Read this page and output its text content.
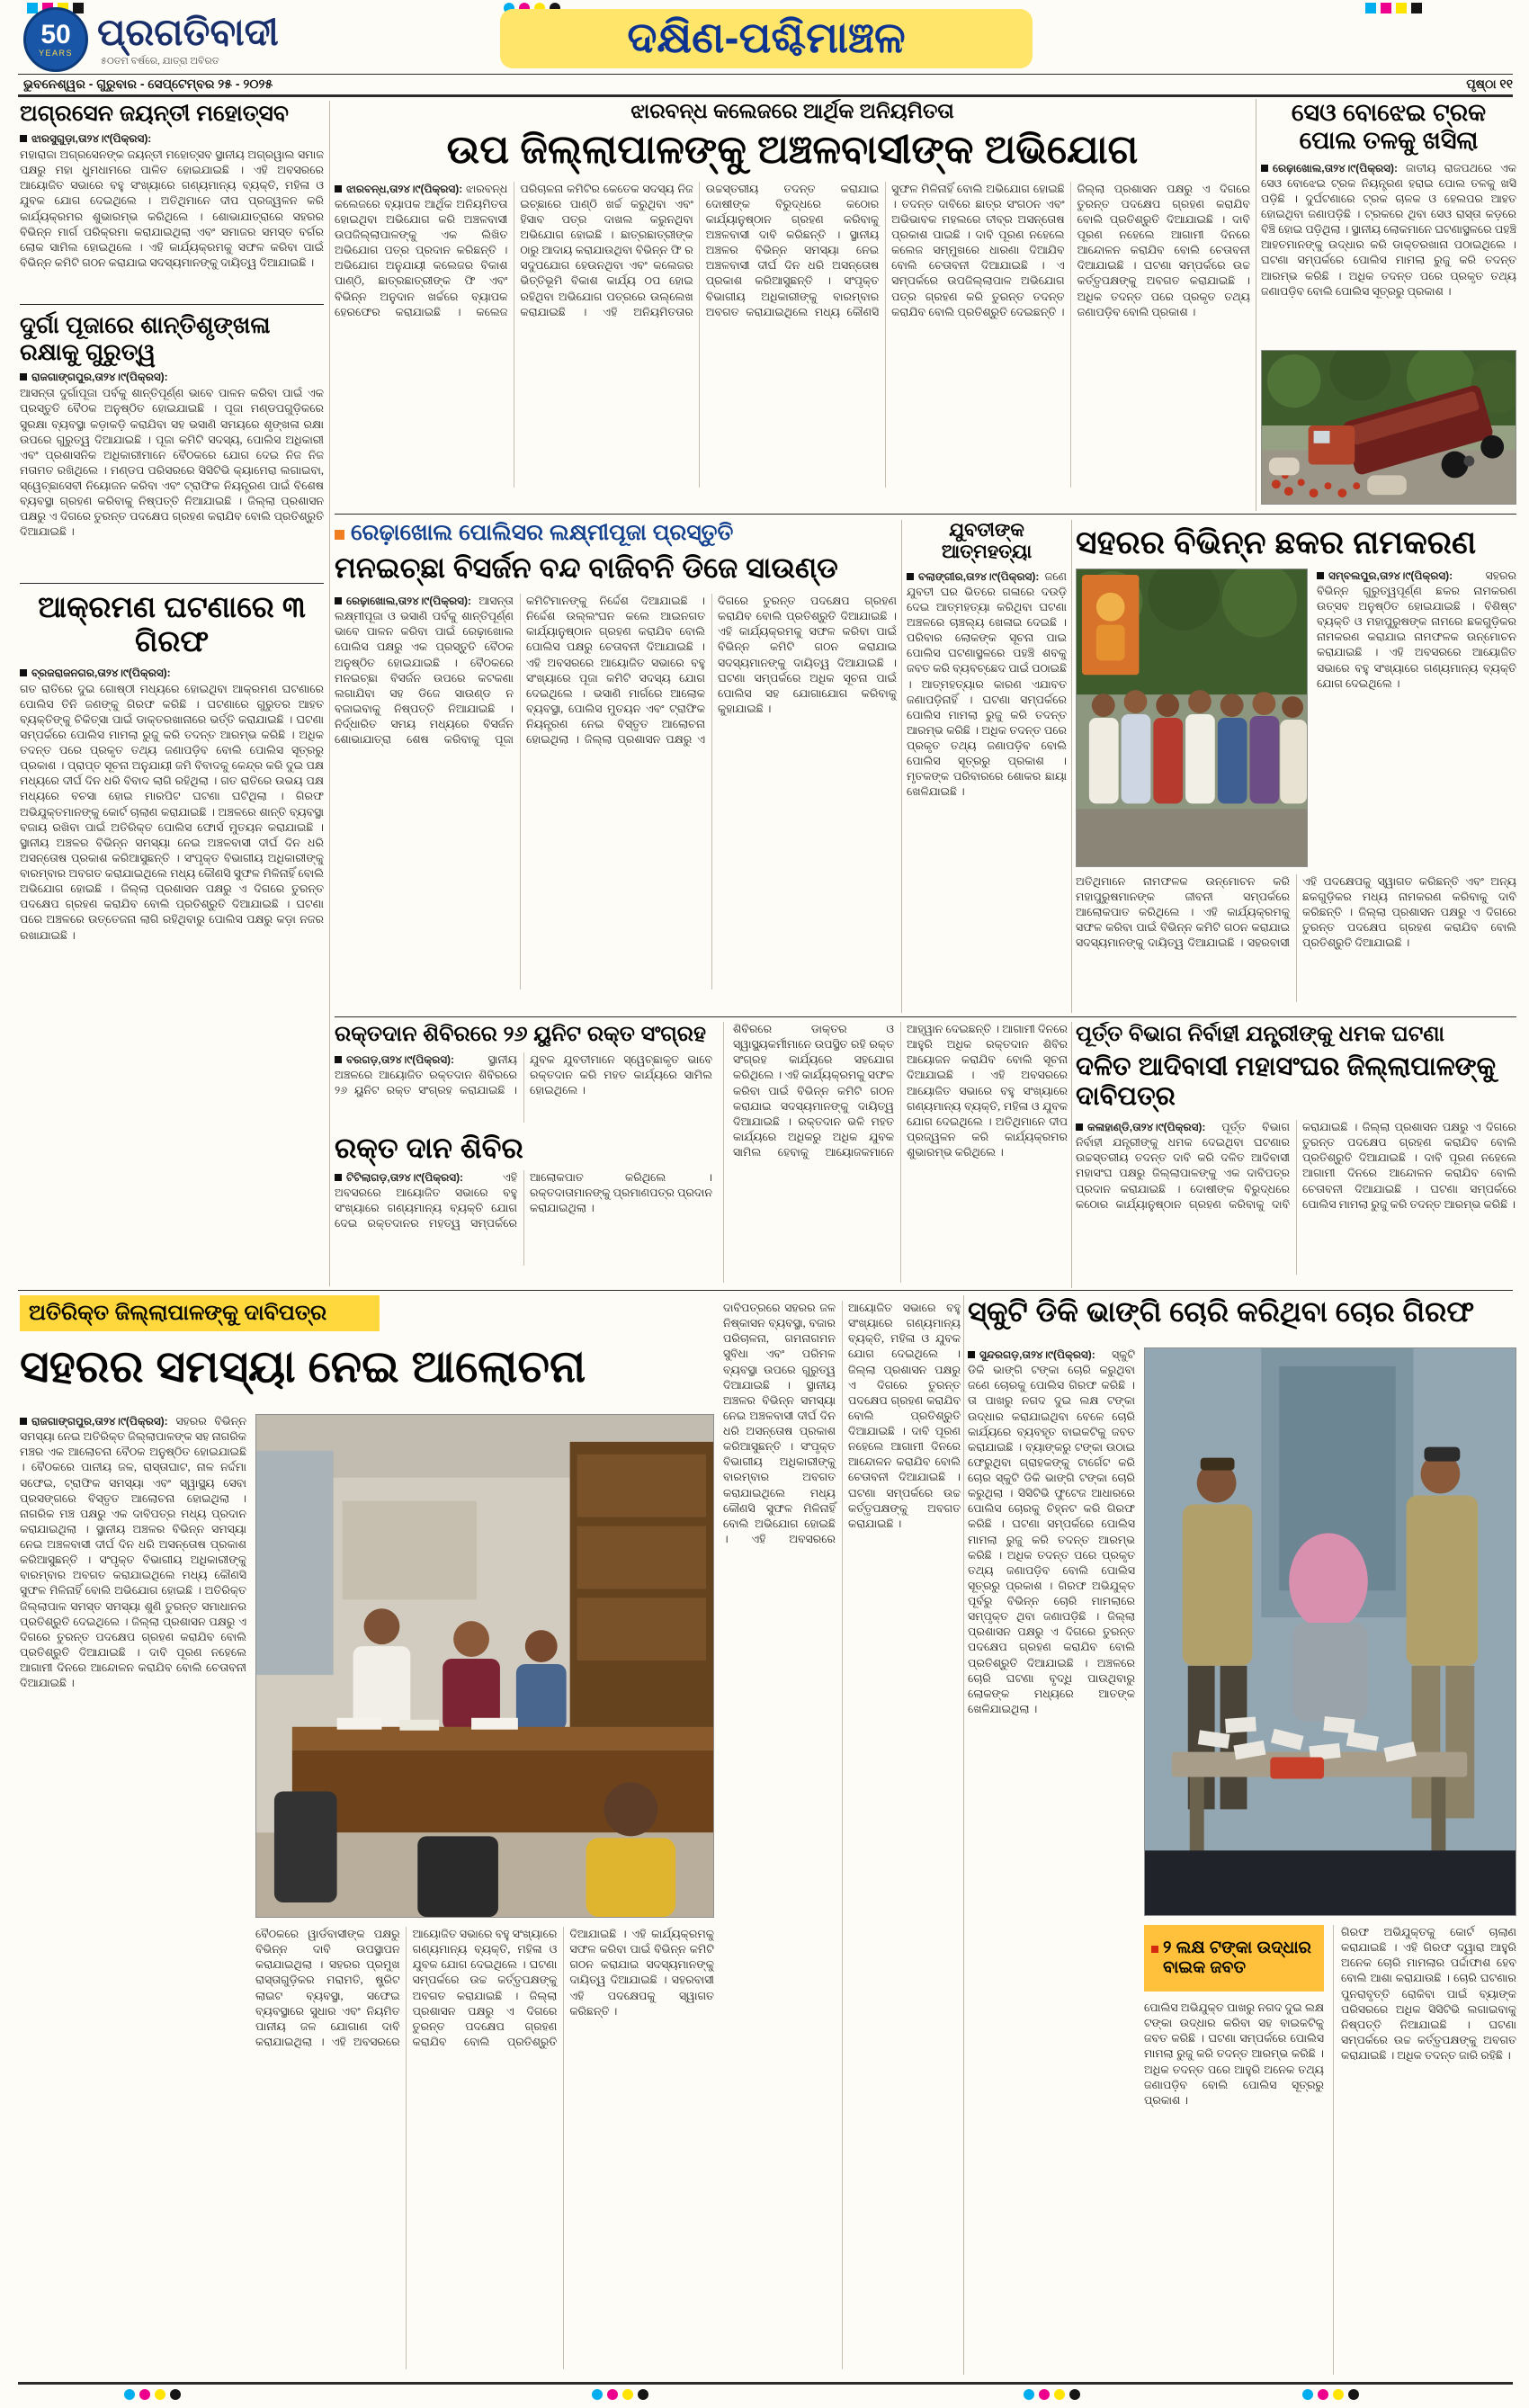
50
YEARS ପ୍ରଗତିବାଦୀ
୫୦ତମ ବର୍ଷରେ, ଯାତ୍ରା ଅବିରତ	ଦକ୍ଷିଣ-ପଶ୍ଚିମାଞ୍ଚଳ
ଭୁବନେଶ୍ୱର - ଗୁରୁବାର - ସେପ୍ଟେମ୍ବର ୨୫ - ୨୦୨୫	ପୃଷ୍ଠା ୧୧
ଅଗ୍ରସେନ ଜୟନ୍ତୀ ମହୋତ୍ସବ
ଝାରସୁଗୁଡ଼ା,ତା୨୪।୯(ପିକ୍ରସ):
ମହାରାଜା ଅଗ୍ରସେନଙ୍କ ଜୟନ୍ତୀ ମହୋତ୍ସବ ସ୍ଥାନୀୟ ଅଗ୍ରୱାଲ ସମାଜ ପକ୍ଷରୁ ମହା ଧୁମଧାମରେ ପାଳିତ ହୋଇଯାଇଛି । ଏହି ଅବସରରେ ଆୟୋଜିତ ସଭାରେ ବହୁ ସଂଖ୍ୟାରେ ଗଣ୍ୟମାନ୍ୟ ବ୍ୟକ୍ତି, ମହିଳା ଓ ଯୁବକ ଯୋଗ ଦେଇଥିଲେ । ଅତିଥିମାନେ ଦୀପ ପ୍ରଜ୍ୱଳନ କରି କାର୍ଯ୍ୟକ୍ରମର ଶୁଭାରମ୍ଭ କରିଥିଲେ । ଶୋଭାଯାତ୍ରାରେ ସହରର ବିଭିନ୍ନ ମାର୍ଗ ପରିକ୍ରମା କରାଯାଇଥିଲା ଏବଂ ସମାଜର ସମସ୍ତ ବର୍ଗର ଲୋକ ସାମିଲ ହୋଇଥିଲେ । ଏହି କାର୍ଯ୍ୟକ୍ରମକୁ ସଫଳ କରିବା ପାଇଁ ବିଭିନ୍ନ କମିଟି ଗଠନ କରାଯାଇ ସଦସ୍ୟମାନଙ୍କୁ ଦାୟିତ୍ୱ ଦିଆଯାଇଛି ।
ଦୁର୍ଗା ପୂଜାରେ ଶାନ୍ତିଶୃଙ୍ଖଳା ରକ୍ଷାକୁ ଗୁରୁତ୍ୱ
ରାଜଗାଙ୍ଗପୁର,ତା୨୪।୯(ପିକ୍ରସ):
ଆସନ୍ତା ଦୁର୍ଗାପୂଜା ପର୍ବକୁ ଶାନ୍ତିପୂର୍ଣ୍ଣ ଭାବେ ପାଳନ କରିବା ପାଇଁ ଏକ ପ୍ରସ୍ତୁତି ବୈଠକ ଅନୁଷ୍ଠିତ ହୋଇଯାଇଛି । ପୂଜା ମଣ୍ଡପଗୁଡ଼ିକରେ ସୁରକ୍ଷା ବ୍ୟବସ୍ଥା କଡ଼ାକଡ଼ି କରାଯିବା ସହ ଭସାଣି ସମୟରେ ଶୃଙ୍ଖଳା ରକ୍ଷା ଉପରେ ଗୁରୁତ୍ୱ ଦିଆଯାଇଛି । ପୂଜା କମିଟି ସଦସ୍ୟ, ପୋଲିସ ଅଧିକାରୀ ଏବଂ ପ୍ରଶାସନିକ ଅଧିକାରୀମାନେ ବୈଠକରେ ଯୋଗ ଦେଇ ନିଜ ନିଜ ମତାମତ ରଖିଥିଲେ । ମଣ୍ଡପ ପରିସରରେ ସିସିଟିଭି କ୍ୟାମେରା ଲଗାଇବା, ସ୍ୱେଚ୍ଛାସେବୀ ନିୟୋଜନ କରିବା ଏବଂ ଟ୍ରାଫିକ ନିୟନ୍ତ୍ରଣ ପାଇଁ ବିଶେଷ ବ୍ୟବସ୍ଥା ଗ୍ରହଣ କରିବାକୁ ନିଷ୍ପତ୍ତି ନିଆଯାଇଛି । ଜିଲ୍ଲା ପ୍ରଶାସନ ପକ୍ଷରୁ ଏ ଦିଗରେ ତୁରନ୍ତ ପଦକ୍ଷେପ ଗ୍ରହଣ କରାଯିବ ବୋଲି ପ୍ରତିଶ୍ରୁତି ଦିଆଯାଇଛି ।
ଆକ୍ରମଣ ଘଟଣାରେ ୩ ଗିରଫ
ବ୍ରଜରାଜନଗର,ତା୨୪।୯(ପିକ୍ରସ):
ଗତ ରାତିରେ ଦୁଇ ଗୋଷ୍ଠୀ ମଧ୍ୟରେ ହୋଇଥିବା ଆକ୍ରମଣ ଘଟଣାରେ ପୋଲିସ ତିନି ଜଣଙ୍କୁ ଗିରଫ କରିଛି । ଘଟଣାରେ ଗୁରୁତର ଆହତ ବ୍ୟକ୍ତିଙ୍କୁ ଚିକିତ୍ସା ପାଇଁ ଡାକ୍ତରଖାନାରେ ଭର୍ତ୍ତି କରାଯାଇଛି । ଘଟଣା ସମ୍ପର୍କରେ ପୋଲିସ ମାମଲା ରୁଜୁ କରି ତଦନ୍ତ ଆରମ୍ଭ କରିଛି । ଅଧିକ ତଦନ୍ତ ପରେ ପ୍ରକୃତ ତଥ୍ୟ ଜଣାପଡ଼ିବ ବୋଲି ପୋଲିସ ସୂତ୍ରରୁ ପ୍ରକାଶ । ପ୍ରାପ୍ତ ସୂଚନା ଅନୁଯାୟୀ ଜମି ବିବାଦକୁ କେନ୍ଦ୍ର କରି ଦୁଇ ପକ୍ଷ ମଧ୍ୟରେ ଦୀର୍ଘ ଦିନ ଧରି ବିବାଦ ଲାଗି ରହିଥିଲା । ଗତ ରାତିରେ ଉଭୟ ପକ୍ଷ ମଧ୍ୟରେ ବଚସା ହୋଇ ମାରପିଟ ଘଟଣା ଘଟିଥିଲା । ଗିରଫ ଅଭିଯୁକ୍ତମାନଙ୍କୁ କୋର୍ଟ ଚାଲାଣ କରାଯାଇଛି । ଅଞ୍ଚଳରେ ଶାନ୍ତି ବ୍ୟବସ୍ଥା ବଜାୟ ରଖିବା ପାଇଁ ଅତିରିକ୍ତ ପୋଲିସ ଫୋର୍ସ ମୁତୟନ କରାଯାଇଛି । ସ୍ଥାନୀୟ ଅଞ୍ଚଳର ବିଭିନ୍ନ ସମସ୍ୟା ନେଇ ଅଞ୍ଚଳବାସୀ ଦୀର୍ଘ ଦିନ ଧରି ଅସନ୍ତୋଷ ପ୍ରକାଶ କରିଆସୁଛନ୍ତି । ସଂପୃକ୍ତ ବିଭାଗୀୟ ଅଧିକାରୀଙ୍କୁ ବାରମ୍ବାର ଅବଗତ କରାଯାଇଥିଲେ ମଧ୍ୟ କୌଣସି ସୁଫଳ ମିଳିନାହିଁ ବୋଲି ଅଭିଯୋଗ ହୋଇଛି । ଜିଲ୍ଲା ପ୍ରଶାସନ ପକ୍ଷରୁ ଏ ଦିଗରେ ତୁରନ୍ତ ପଦକ୍ଷେପ ଗ୍ରହଣ କରାଯିବ ବୋଲି ପ୍ରତିଶ୍ରୁତି ଦିଆଯାଇଛି । ଘଟଣା ପରେ ଅଞ୍ଚଳରେ ଉତ୍ତେଜନା ଲାଗି ରହିଥିବାରୁ ପୋଲିସ ପକ୍ଷରୁ କଡ଼ା ନଜର ରଖାଯାଇଛି ।
ଝାରବନ୍ଧ କଲେଜରେ ଆର୍ଥିକ ଅନିୟମିତତା
ଉପ ଜିଲ୍ଲାପାଳଙ୍କୁ ଅଞ୍ଚଳବାସୀଙ୍କ ଅଭିଯୋଗ
ଝାରବନ୍ଧ,ତା୨୪।୯(ପିକ୍ରସ): ଝାରବନ୍ଧ କଲେଜରେ ବ୍ୟାପକ ଆର୍ଥିକ ଅନିୟମିତତା ହୋଇଥିବା ଅଭିଯୋଗ କରି ଅଞ୍ଚଳବାସୀ ଉପଜିଲ୍ଲାପାଳଙ୍କୁ ଏକ ଲିଖିତ ଅଭିଯୋଗ ପତ୍ର ପ୍ରଦାନ କରିଛନ୍ତି । ଅଭିଯୋଗ ଅନୁଯାୟୀ କଲେଜର ବିକାଶ ପାଣ୍ଠି, ଛାତ୍ରଛାତ୍ରୀଙ୍କ ଫି ଏବଂ ବିଭିନ୍ନ ଅନୁଦାନ ଖର୍ଚ୍ଚରେ ବ୍ୟାପକ ହେରଫେର କରାଯାଇଛି । କଲେଜ ପରିଚାଳନା କମିଟିର କେତେକ ସଦସ୍ୟ ନିଜ ଇଚ୍ଛାରେ ପାଣ୍ଠି ଖର୍ଚ୍ଚ କରୁଥିବା ଏବଂ ହିସାବ ପତ୍ର ଦାଖଲ କରୁନଥିବା ଅଭିଯୋଗ ହୋଇଛି । ଛାତ୍ରଛାତ୍ରୀଙ୍କ ଠାରୁ ଆଦାୟ କରାଯାଉଥିବା ବିଭିନ୍ନ ଫି ର ସଦୁପଯୋଗ ହେଉନଥିବା ଏବଂ କଲେଜର ଭିତ୍ତିଭୂମି ବିକାଶ କାର୍ଯ୍ୟ ଠପ ହୋଇ ରହିଥିବା ଅଭିଯୋଗ ପତ୍ରରେ ଉଲ୍ଲେଖ କରାଯାଇଛି । ଏହି ଅନିୟମିତତାର ଉଚ୍ଚସ୍ତରୀୟ ତଦନ୍ତ କରାଯାଇ ଦୋଷୀଙ୍କ ବିରୁଦ୍ଧରେ କଠୋର କାର୍ଯ୍ୟାନୁଷ୍ଠାନ ଗ୍ରହଣ କରିବାକୁ ଅଞ୍ଚଳବାସୀ ଦାବି କରିଛନ୍ତି । ସ୍ଥାନୀୟ ଅଞ୍ଚଳର ବିଭିନ୍ନ ସମସ୍ୟା ନେଇ ଅଞ୍ଚଳବାସୀ ଦୀର୍ଘ ଦିନ ଧରି ଅସନ୍ତୋଷ ପ୍ରକାଶ କରିଆସୁଛନ୍ତି । ସଂପୃକ୍ତ ବିଭାଗୀୟ ଅଧିକାରୀଙ୍କୁ ବାରମ୍ବାର ଅବଗତ କରାଯାଇଥିଲେ ମଧ୍ୟ କୌଣସି ସୁଫଳ ମିଳିନାହିଁ ବୋଲି ଅଭିଯୋଗ ହୋଇଛି । ତଦନ୍ତ ଦାବିରେ ଛାତ୍ର ସଂଗଠନ ଏବଂ ଅଭିଭାବକ ମହଲରେ ତୀବ୍ର ଅସନ୍ତୋଷ ପ୍ରକାଶ ପାଇଛି । ଦାବି ପୂରଣ ନହେଲେ କଲେଜ ସମ୍ମୁଖରେ ଧାରଣା ଦିଆଯିବ ବୋଲି ଚେତାବନୀ ଦିଆଯାଇଛି । ଏ ସମ୍ପର୍କରେ ଉପଜିଲ୍ଲାପାଳ ଅଭିଯୋଗ ପତ୍ର ଗ୍ରହଣ କରି ତୁରନ୍ତ ତଦନ୍ତ କରାଯିବ ବୋଲି ପ୍ରତିଶ୍ରୁତି ଦେଇଛନ୍ତି । ଜିଲ୍ଲା ପ୍ରଶାସନ ପକ୍ଷରୁ ଏ ଦିଗରେ ତୁରନ୍ତ ପଦକ୍ଷେପ ଗ୍ରହଣ କରାଯିବ ବୋଲି ପ୍ରତିଶ୍ରୁତି ଦିଆଯାଇଛି । ଦାବି ପୂରଣ ନହେଲେ ଆଗାମୀ ଦିନରେ ଆନ୍ଦୋଳନ କରାଯିବ ବୋଲି ଚେତାବନୀ ଦିଆଯାଇଛି । ଘଟଣା ସମ୍ପର୍କରେ ଉଚ୍ଚ କର୍ତ୍ତୃପକ୍ଷଙ୍କୁ ଅବଗତ କରାଯାଇଛି । ଅଧିକ ତଦନ୍ତ ପରେ ପ୍ରକୃତ ତଥ୍ୟ ଜଣାପଡ଼ିବ ବୋଲି ପ୍ରକାଶ ।
ସେଓ ବୋଝେଇ ଟ୍ରକ ପୋଲ ତଳକୁ ଖସିଲା
ରେଢ଼ାଖୋଲ,ତା୨୪।୯(ପିକ୍ରସ): ଜାତୀୟ ରାଜପଥରେ ଏକ ସେଓ ବୋଝେଇ ଟ୍ରକ ନିୟନ୍ତ୍ରଣ ହରାଇ ପୋଲ ତଳକୁ ଖସି ପଡ଼ିଛି । ଦୁର୍ଘଟଣାରେ ଟ୍ରକ ଚାଳକ ଓ ହେଲପର ଆହତ ହୋଇଥିବା ଜଣାପଡ଼ିଛି । ଟ୍ରକରେ ଥିବା ସେଓ ରାସ୍ତା କଡ଼ରେ ବିଞ୍ଚି ହୋଇ ପଡ଼ିଥିଲା । ସ୍ଥାନୀୟ ଲୋକମାନେ ଘଟଣାସ୍ଥଳରେ ପହଞ୍ଚି ଆହତମାନଙ୍କୁ ଉଦ୍ଧାର କରି ଡାକ୍ତରଖାନା ପଠାଇଥିଲେ । ଘଟଣା ସମ୍ପର୍କରେ ପୋଲିସ ମାମଲା ରୁଜୁ କରି ତଦନ୍ତ ଆରମ୍ଭ କରିଛି । ଅଧିକ ତଦନ୍ତ ପରେ ପ୍ରକୃତ ତଥ୍ୟ ଜଣାପଡ଼ିବ ବୋଲି ପୋଲିସ ସୂତ୍ରରୁ ପ୍ରକାଶ ।
ରେଢ଼ାଖୋଲ ପୋଲିସର ଲକ୍ଷ୍ମୀପୂଜା ପ୍ରସ୍ତୁତି
ମନଇଚ୍ଛା ବିସର୍ଜନ ବନ୍ଦ ବାଜିବନି ଡିଜେ ସାଉଣ୍ଡ
ରେଢ଼ାଖୋଲ,ତା୨୪।୯(ପିକ୍ରସ): ଆସନ୍ତା ଲକ୍ଷ୍ମୀପୂଜା ଓ ଭସାଣି ପର୍ବକୁ ଶାନ୍ତିପୂର୍ଣ୍ଣ ଭାବେ ପାଳନ କରିବା ପାଇଁ ରେଢ଼ାଖୋଲ ପୋଲିସ ପକ୍ଷରୁ ଏକ ପ୍ରସ୍ତୁତି ବୈଠକ ଅନୁଷ୍ଠିତ ହୋଇଯାଇଛି । ବୈଠକରେ ମନଇଚ୍ଛା ବିସର୍ଜନ ଉପରେ କଟକଣା ଲଗାଯିବା ସହ ଡିଜେ ସାଉଣ୍ଡ ନ ବଜାଇବାକୁ ନିଷ୍ପତ୍ତି ନିଆଯାଇଛି । ନିର୍ଦ୍ଧାରିତ ସମୟ ମଧ୍ୟରେ ବିସର୍ଜନ ଶୋଭାଯାତ୍ରା ଶେଷ କରିବାକୁ ପୂଜା କମିଟିମାନଙ୍କୁ ନିର୍ଦ୍ଦେଶ ଦିଆଯାଇଛି । ନିର୍ଦ୍ଦେଶ ଉଲ୍ଲଂଘନ କଲେ ଆଇନଗତ କାର୍ଯ୍ୟାନୁଷ୍ଠାନ ଗ୍ରହଣ କରାଯିବ ବୋଲି ପୋଲିସ ପକ୍ଷରୁ ଚେତାବନୀ ଦିଆଯାଇଛି । ଏହି ଅବସରରେ ଆୟୋଜିତ ସଭାରେ ବହୁ ସଂଖ୍ୟାରେ ପୂଜା କମିଟି ସଦସ୍ୟ ଯୋଗ ଦେଇଥିଲେ । ଭସାଣି ମାର୍ଗରେ ଆଲୋକ ବ୍ୟବସ୍ଥା, ପୋଲିସ ମୁତୟନ ଏବଂ ଟ୍ରାଫିକ ନିୟନ୍ତ୍ରଣ ନେଇ ବିସ୍ତୃତ ଆଲୋଚନା ହୋଇଥିଲା । ଜିଲ୍ଲା ପ୍ରଶାସନ ପକ୍ଷରୁ ଏ ଦିଗରେ ତୁରନ୍ତ ପଦକ୍ଷେପ ଗ୍ରହଣ କରାଯିବ ବୋଲି ପ୍ରତିଶ୍ରୁତି ଦିଆଯାଇଛି । ଏହି କାର୍ଯ୍ୟକ୍ରମକୁ ସଫଳ କରିବା ପାଇଁ ବିଭିନ୍ନ କମିଟି ଗଠନ କରାଯାଇ ସଦସ୍ୟମାନଙ୍କୁ ଦାୟିତ୍ୱ ଦିଆଯାଇଛି । ଘଟଣା ସମ୍ପର୍କରେ ଅଧିକ ସୂଚନା ପାଇଁ ପୋଲିସ ସହ ଯୋଗାଯୋଗ କରିବାକୁ କୁହାଯାଇଛି ।
ଯୁବତୀଙ୍କ ଆତ୍ମହତ୍ୟା
ବଲାଙ୍ଗୀର,ତା୨୪।୯(ପିକ୍ରସ): ଜଣେ ଯୁବତୀ ଘର ଭିତରେ ଗଳାରେ ଦଉଡ଼ି ଦେଇ ଆତ୍ମହତ୍ୟା କରିଥିବା ଘଟଣା ଅଞ୍ଚଳରେ ଚାଞ୍ଚଲ୍ୟ ଖେଳାଇ ଦେଇଛି । ପରିବାର ଲୋକଙ୍କ ସୂଚନା ପାଇ ପୋଲିସ ଘଟଣାସ୍ଥଳରେ ପହଞ୍ଚି ଶବକୁ ଜବତ କରି ବ୍ୟବଚ୍ଛେଦ ପାଇଁ ପଠାଇଛି । ଆତ୍ମହତ୍ୟାର କାରଣ ଏଯାବତ ଜଣାପଡ଼ିନାହିଁ । ଘଟଣା ସମ୍ପର୍କରେ ପୋଲିସ ମାମଲା ରୁଜୁ କରି ତଦନ୍ତ ଆରମ୍ଭ କରିଛି । ଅଧିକ ତଦନ୍ତ ପରେ ପ୍ରକୃତ ତଥ୍ୟ ଜଣାପଡ଼ିବ ବୋଲି ପୋଲିସ ସୂତ୍ରରୁ ପ୍ରକାଶ । ମୃତକଙ୍କ ପରିବାରରେ ଶୋକର ଛାୟା ଖେଳିଯାଇଛି ।
ସହରର ବିଭିନ୍ନ ଛକର ନାମକରଣ
ସମ୍ବଲପୁର,ତା୨୪।୯(ପିକ୍ରସ):	ସହରର ବିଭିନ୍ନ ଗୁରୁତ୍ୱପୂର୍ଣ୍ଣ ଛକର ନାମକରଣ ଉତ୍ସବ ଅନୁଷ୍ଠିତ ହୋଇଯାଇଛି । ବିଶିଷ୍ଟ ବ୍ୟକ୍ତି ଓ ମହାପୁରୁଷଙ୍କ ନାମରେ ଛକଗୁଡ଼ିକର ନାମକରଣ କରାଯାଇ ନାମଫଳକ ଉନ୍ମୋଚନ କରାଯାଇଛି । ଏହି ଅବସରରେ ଆୟୋଜିତ ସଭାରେ ବହୁ ସଂଖ୍ୟାରେ ଗଣ୍ୟମାନ୍ୟ ବ୍ୟକ୍ତି ଯୋଗ ଦେଇଥିଲେ ।
ଅତିଥିମାନେ ନାମଫଳକ ଉନ୍ମୋଚନ କରି ମହାପୁରୁଷମାନଙ୍କ ଜୀବନୀ ସମ୍ପର୍କରେ ଆଲୋକପାତ କରିଥିଲେ । ଏହି କାର୍ଯ୍ୟକ୍ରମକୁ ସଫଳ କରିବା ପାଇଁ ବିଭିନ୍ନ କମିଟି ଗଠନ କରାଯାଇ ସଦସ୍ୟମାନଙ୍କୁ ଦାୟିତ୍ୱ ଦିଆଯାଇଛି । ସହରବାସୀ ଏହି ପଦକ୍ଷେପକୁ ସ୍ୱାଗତ କରିଛନ୍ତି ଏବଂ ଅନ୍ୟ ଛକଗୁଡ଼ିକର ମଧ୍ୟ ନାମକରଣ କରିବାକୁ ଦାବି କରିଛନ୍ତି । ଜିଲ୍ଲା ପ୍ରଶାସନ ପକ୍ଷରୁ ଏ ଦିଗରେ ତୁରନ୍ତ ପଦକ୍ଷେପ ଗ୍ରହଣ କରାଯିବ ବୋଲି ପ୍ରତିଶ୍ରୁତି ଦିଆଯାଇଛି ।
ରକ୍ତଦାନ ଶିବିରରେ ୨୬ ୟୁନିଟ ରକ୍ତ ସଂଗ୍ରହ
ବରଗଡ଼,ତା୨୪।୯(ପିକ୍ରସ):	ସ୍ଥାନୀୟ ଅଞ୍ଚଳରେ ଆୟୋଜିତ ରକ୍ତଦାନ ଶିବିରରେ ୨୬ ୟୁନିଟ ରକ୍ତ ସଂଗ୍ରହ କରାଯାଇଛି । ଯୁବକ ଯୁବତୀମାନେ ସ୍ୱେଚ୍ଛାକୃତ ଭାବେ ରକ୍ତଦାନ କରି ମହତ କାର୍ଯ୍ୟରେ ସାମିଲ ହୋଇଥିଲେ ।
ରକ୍ତ ଦାନ ଶିବିର
ଟିଟିଲାଗଡ଼,ତା୨୪।୯(ପିକ୍ରସ):	ଏହି ଅବସରରେ ଆୟୋଜିତ ସଭାରେ ବହୁ ସଂଖ୍ୟାରେ ଗଣ୍ୟମାନ୍ୟ ବ୍ୟକ୍ତି ଯୋଗ ଦେଇ ରକ୍ତଦାନର ମହତ୍ୱ ସମ୍ପର୍କରେ ଆଲୋକପାତ କରିଥିଲେ । ରକ୍ତଦାତାମାନଙ୍କୁ ପ୍ରମାଣପତ୍ର ପ୍ରଦାନ କରାଯାଇଥିଲା ।
ଶିବିରରେ ଡାକ୍ତର ଓ ସ୍ୱାସ୍ଥ୍ୟକର୍ମୀମାନେ ଉପସ୍ଥିତ ରହି ରକ୍ତ ସଂଗ୍ରହ କାର୍ଯ୍ୟରେ ସହଯୋଗ କରିଥିଲେ । ଏହି କାର୍ଯ୍ୟକ୍ରମକୁ ସଫଳ କରିବା ପାଇଁ ବିଭିନ୍ନ କମିଟି ଗଠନ କରାଯାଇ ସଦସ୍ୟମାନଙ୍କୁ ଦାୟିତ୍ୱ ଦିଆଯାଇଛି । ରକ୍ତଦାନ ଭଳି ମହତ କାର୍ଯ୍ୟରେ ଅଧିକରୁ ଅଧିକ ଯୁବକ ସାମିଲ ହେବାକୁ ଆୟୋଜକମାନେ ଆହ୍ୱାନ ଦେଇଛନ୍ତି । ଆଗାମୀ ଦିନରେ ଆହୁରି ଅଧିକ ରକ୍ତଦାନ ଶିବିର ଆୟୋଜନ କରାଯିବ ବୋଲି ସୂଚନା ଦିଆଯାଇଛି । ଏହି ଅବସରରେ ଆୟୋଜିତ ସଭାରେ ବହୁ ସଂଖ୍ୟାରେ ଗଣ୍ୟମାନ୍ୟ ବ୍ୟକ୍ତି, ମହିଳା ଓ ଯୁବକ ଯୋଗ ଦେଇଥିଲେ । ଅତିଥିମାନେ ଦୀପ ପ୍ରଜ୍ୱଳନ କରି କାର୍ଯ୍ୟକ୍ରମର ଶୁଭାରମ୍ଭ କରିଥିଲେ ।
ପୂର୍ତ୍ତ ବିଭାଗ ନିର୍ବାହୀ ଯନ୍ତ୍ରୀଙ୍କୁ ଧମକ ଘଟଣା
ଦଳିତ ଆଦିବାସୀ ମହାସଂଘର ଜିଲ୍ଲାପାଳଙ୍କୁ ଦାବିପତ୍ର
କଳାହାଣ୍ଡି,ତା୨୪।୯(ପିକ୍ରସ): ପୂର୍ତ୍ତ ବିଭାଗ ନିର୍ବାହୀ ଯନ୍ତ୍ରୀଙ୍କୁ ଧମକ ଦେଇଥିବା ଘଟଣାର ଉଚ୍ଚସ୍ତରୀୟ ତଦନ୍ତ ଦାବି କରି ଦଳିତ ଆଦିବାସୀ ମହାସଂଘ ପକ୍ଷରୁ ଜିଲ୍ଲାପାଳଙ୍କୁ ଏକ ଦାବିପତ୍ର ପ୍ରଦାନ କରାଯାଇଛି । ଦୋଷୀଙ୍କ ବିରୁଦ୍ଧରେ କଠୋର କାର୍ଯ୍ୟାନୁଷ୍ଠାନ ଗ୍ରହଣ କରିବାକୁ ଦାବି କରାଯାଇଛି । ଜିଲ୍ଲା ପ୍ରଶାସନ ପକ୍ଷରୁ ଏ ଦିଗରେ ତୁରନ୍ତ ପଦକ୍ଷେପ ଗ୍ରହଣ କରାଯିବ ବୋଲି ପ୍ରତିଶ୍ରୁତି ଦିଆଯାଇଛି । ଦାବି ପୂରଣ ନହେଲେ ଆଗାମୀ ଦିନରେ ଆନ୍ଦୋଳନ କରାଯିବ ବୋଲି ଚେତାବନୀ ଦିଆଯାଇଛି । ଘଟଣା ସମ୍ପର୍କରେ ପୋଲିସ ମାମଲା ରୁଜୁ କରି ତଦନ୍ତ ଆରମ୍ଭ କରିଛି ।
ଅତିରିକ୍ତ ଜିଲ୍ଲାପାଳଙ୍କୁ ଦାବିପତ୍ର
ସହରର ସମସ୍ୟା ନେଇ ଆଲୋଚନା
ରାଜଗାଙ୍ଗପୁର,ତା୨୪।୯(ପିକ୍ରସ): ସହରର ବିଭିନ୍ନ ସମସ୍ୟା ନେଇ ଅତିରିକ୍ତ ଜିଲ୍ଲାପାଳଙ୍କ ସହ ନାଗରିକ ମଞ୍ଚର ଏକ ଆଲୋଚନା ବୈଠକ ଅନୁଷ୍ଠିତ ହୋଇଯାଇଛି । ବୈଠକରେ ପାନୀୟ ଜଳ, ରାସ୍ତାଘାଟ, ନାଳ ନର୍ଦ୍ଦମା ସଫେଇ, ଟ୍ରାଫିକ ସମସ୍ୟା ଏବଂ ସ୍ୱାସ୍ଥ୍ୟ ସେବା ପ୍ରସଙ୍ଗରେ ବିସ୍ତୃତ ଆଲୋଚନା ହୋଇଥିଲା । ନାଗରିକ ମଞ୍ଚ ପକ୍ଷରୁ ଏକ ଦାବିପତ୍ର ମଧ୍ୟ ପ୍ରଦାନ କରାଯାଇଥିଲା । ସ୍ଥାନୀୟ ଅଞ୍ଚଳର ବିଭିନ୍ନ ସମସ୍ୟା ନେଇ ଅଞ୍ଚଳବାସୀ ଦୀର୍ଘ ଦିନ ଧରି ଅସନ୍ତୋଷ ପ୍ରକାଶ କରିଆସୁଛନ୍ତି । ସଂପୃକ୍ତ ବିଭାଗୀୟ ଅଧିକାରୀଙ୍କୁ ବାରମ୍ବାର ଅବଗତ କରାଯାଇଥିଲେ ମଧ୍ୟ କୌଣସି ସୁଫଳ ମିଳିନାହିଁ ବୋଲି ଅଭିଯୋଗ ହୋଇଛି । ଅତିରିକ୍ତ ଜିଲ୍ଲାପାଳ ସମସ୍ତ ସମସ୍ୟା ଶୁଣି ତୁରନ୍ତ ସମାଧାନର ପ୍ରତିଶ୍ରୁତି ଦେଇଥିଲେ । ଜିଲ୍ଲା ପ୍ରଶାସନ ପକ୍ଷରୁ ଏ ଦିଗରେ ତୁରନ୍ତ ପଦକ୍ଷେପ ଗ୍ରହଣ କରାଯିବ ବୋଲି ପ୍ରତିଶ୍ରୁତି ଦିଆଯାଇଛି । ଦାବି ପୂରଣ ନହେଲେ ଆଗାମୀ ଦିନରେ ଆନ୍ଦୋଳନ କରାଯିବ ବୋଲି ଚେତାବନୀ ଦିଆଯାଇଛି ।
ବୈଠକରେ ୱାର୍ଡବାସୀଙ୍କ ପକ୍ଷରୁ ବିଭିନ୍ନ ଦାବି ଉପସ୍ଥାପନ କରାଯାଇଥିଲା । ସହରର ପ୍ରମୁଖ ରାସ୍ତାଗୁଡ଼ିକର ମରାମତି, ଷ୍ଟ୍ରିଟ ଲାଇଟ ବ୍ୟବସ୍ଥା, ସଫେଇ ବ୍ୟବସ୍ଥାରେ ସୁଧାର ଏବଂ ନିୟମିତ ପାନୀୟ ଜଳ ଯୋଗାଣ ଦାବି କରାଯାଇଥିଲା । ଏହି ଅବସରରେ ଆୟୋଜିତ ସଭାରେ ବହୁ ସଂଖ୍ୟାରେ ଗଣ୍ୟମାନ୍ୟ ବ୍ୟକ୍ତି, ମହିଳା ଓ ଯୁବକ ଯୋଗ ଦେଇଥିଲେ । ଘଟଣା ସମ୍ପର୍କରେ ଉଚ୍ଚ କର୍ତ୍ତୃପକ୍ଷଙ୍କୁ ଅବଗତ କରାଯାଇଛି । ଜିଲ୍ଲା ପ୍ରଶାସନ ପକ୍ଷରୁ ଏ ଦିଗରେ ତୁରନ୍ତ ପଦକ୍ଷେପ ଗ୍ରହଣ କରାଯିବ ବୋଲି ପ୍ରତିଶ୍ରୁତି ଦିଆଯାଇଛି । ଏହି କାର୍ଯ୍ୟକ୍ରମକୁ ସଫଳ କରିବା ପାଇଁ ବିଭିନ୍ନ କମିଟି ଗଠନ କରାଯାଇ ସଦସ୍ୟମାନଙ୍କୁ ଦାୟିତ୍ୱ ଦିଆଯାଇଛି । ସହରବାସୀ ଏହି ପଦକ୍ଷେପକୁ ସ୍ୱାଗତ କରିଛନ୍ତି ।
ଦାବିପତ୍ରରେ ସହରର ଜଳ ନିଷ୍କାସନ ବ୍ୟବସ୍ଥା, ବଜାର ପରିଚାଳନା, ଗମନାଗମନ ସୁବିଧା ଏବଂ ପରିମଳ ବ୍ୟବସ୍ଥା ଉପରେ ଗୁରୁତ୍ୱ ଦିଆଯାଇଛି । ସ୍ଥାନୀୟ ଅଞ୍ଚଳର ବିଭିନ୍ନ ସମସ୍ୟା ନେଇ ଅଞ୍ଚଳବାସୀ ଦୀର୍ଘ ଦିନ ଧରି ଅସନ୍ତୋଷ ପ୍ରକାଶ କରିଆସୁଛନ୍ତି । ସଂପୃକ୍ତ ବିଭାଗୀୟ ଅଧିକାରୀଙ୍କୁ ବାରମ୍ବାର ଅବଗତ କରାଯାଇଥିଲେ ମଧ୍ୟ କୌଣସି ସୁଫଳ ମିଳିନାହିଁ ବୋଲି ଅଭିଯୋଗ ହୋଇଛି । ଏହି ଅବସରରେ ଆୟୋଜିତ ସଭାରେ ବହୁ ସଂଖ୍ୟାରେ ଗଣ୍ୟମାନ୍ୟ ବ୍ୟକ୍ତି, ମହିଳା ଓ ଯୁବକ ଯୋଗ ଦେଇଥିଲେ । ଜିଲ୍ଲା ପ୍ରଶାସନ ପକ୍ଷରୁ ଏ ଦିଗରେ ତୁରନ୍ତ ପଦକ୍ଷେପ ଗ୍ରହଣ କରାଯିବ ବୋଲି ପ୍ରତିଶ୍ରୁତି ଦିଆଯାଇଛି । ଦାବି ପୂରଣ ନହେଲେ ଆଗାମୀ ଦିନରେ ଆନ୍ଦୋଳନ କରାଯିବ ବୋଲି ଚେତାବନୀ ଦିଆଯାଇଛି । ଘଟଣା ସମ୍ପର୍କରେ ଉଚ୍ଚ କର୍ତ୍ତୃପକ୍ଷଙ୍କୁ ଅବଗତ କରାଯାଇଛି ।
ସ୍କୁଟି ଡିକି ଭାଙ୍ଗି ଚୋରି କରିଥିବା ଚୋର ଗିରଫ
ସୁନ୍ଦରଗଡ଼,ତା୨୪।୯(ପିକ୍ରସ): ସ୍କୁଟି ଡିକି ଭାଙ୍ଗି ଟଙ୍କା ଚୋରି କରୁଥିବା ଜଣେ ଚୋରକୁ ପୋଲିସ ଗିରଫ କରିଛି । ତା ପାଖରୁ ନଗଦ ଦୁଇ ଲକ୍ଷ ଟଙ୍କା ଉଦ୍ଧାର କରାଯାଇଥିବା ବେଳେ ଚୋରି କାର୍ଯ୍ୟରେ ବ୍ୟବହୃତ ବାଇକଟିକୁ ଜବତ କରାଯାଇଛି । ବ୍ୟାଙ୍କରୁ ଟଙ୍କା ଉଠାଇ ଫେରୁଥିବା ଗ୍ରାହକଙ୍କୁ ଟାର୍ଗେଟ କରି ଚୋର ସ୍କୁଟି ଡିକି ଭାଙ୍ଗି ଟଙ୍କା ଚୋରି କରୁଥିଲା । ସିସିଟିଭି ଫୁଟେଜ ଆଧାରରେ ପୋଲିସ ଚୋରକୁ ଚିହ୍ନଟ କରି ଗିରଫ କରିଛି । ଘଟଣା ସମ୍ପର୍କରେ ପୋଲିସ ମାମଲା ରୁଜୁ କରି ତଦନ୍ତ ଆରମ୍ଭ କରିଛି । ଅଧିକ ତଦନ୍ତ ପରେ ପ୍ରକୃତ ତଥ୍ୟ ଜଣାପଡ଼ିବ ବୋଲି ପୋଲିସ ସୂତ୍ରରୁ ପ୍ରକାଶ । ଗିରଫ ଅଭିଯୁକ୍ତ ପୂର୍ବରୁ ବିଭିନ୍ନ ଚୋରି ମାମଲାରେ ସମ୍ପୃକ୍ତ ଥିବା ଜଣାପଡ଼ିଛି । ଜିଲ୍ଲା ପ୍ରଶାସନ ପକ୍ଷରୁ ଏ ଦିଗରେ ତୁରନ୍ତ ପଦକ୍ଷେପ ଗ୍ରହଣ କରାଯିବ ବୋଲି ପ୍ରତିଶ୍ରୁତି ଦିଆଯାଇଛି । ଅଞ୍ଚଳରେ ଚୋରି ଘଟଣା ବୃଦ୍ଧି ପାଉଥିବାରୁ ଲୋକଙ୍କ ମଧ୍ୟରେ ଆତଙ୍କ ଖେଳିଯାଇଥିଲା ।
୨ ଲକ୍ଷ ଟଙ୍କା ଉଦ୍ଧାର
ବାଇକ ଜବତ
ପୋଲିସ ଅଭିଯୁକ୍ତ ପାଖରୁ ନଗଦ ଦୁଇ ଲକ୍ଷ ଟଙ୍କା ଉଦ୍ଧାର କରିବା ସହ ବାଇକଟିକୁ ଜବତ କରିଛି । ଘଟଣା ସମ୍ପର୍କରେ ପୋଲିସ ମାମଲା ରୁଜୁ କରି ତଦନ୍ତ ଆରମ୍ଭ କରିଛି । ଅଧିକ ତଦନ୍ତ ପରେ ଆହୁରି ଅନେକ ତଥ୍ୟ ଜଣାପଡ଼ିବ ବୋଲି ପୋଲିସ ସୂତ୍ରରୁ ପ୍ରକାଶ ।
ଗିରଫ ଅଭିଯୁକ୍ତକୁ କୋର୍ଟ ଚାଲାଣ କରାଯାଇଛି । ଏହି ଗିରଫ ଦ୍ୱାରା ଆହୁରି ଅନେକ ଚୋରି ମାମଲାର ପର୍ଦ୍ଦାଫାଶ ହେବ ବୋଲି ଆଶା କରାଯାଉଛି । ଚୋରି ଘଟଣାର ପୁନରାବୃତ୍ତି ରୋକିବା ପାଇଁ ବ୍ୟାଙ୍କ ପରିସରରେ ଅଧିକ ସିସିଟିଭି ଲଗାଇବାକୁ ନିଷ୍ପତ୍ତି ନିଆଯାଇଛି । ଘଟଣା ସମ୍ପର୍କରେ ଉଚ୍ଚ କର୍ତ୍ତୃପକ୍ଷଙ୍କୁ ଅବଗତ କରାଯାଇଛି । ଅଧିକ ତଦନ୍ତ ଜାରି ରହିଛି ।
